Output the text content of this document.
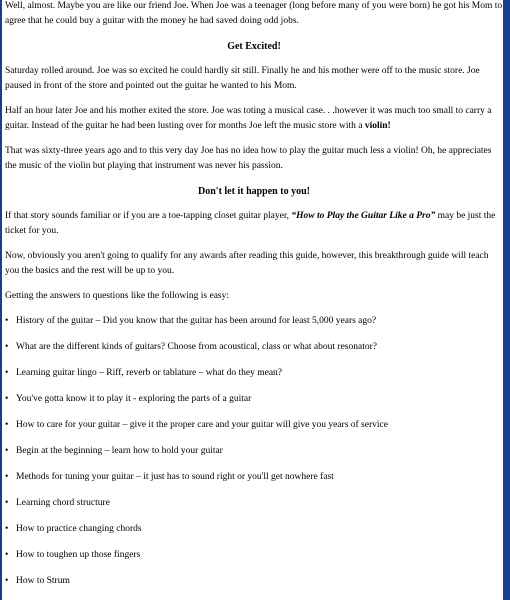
Well, almost. Maybe you are like our friend Joe. When Joe was a teenager (long before many of you were born) he got his Mom to agree that he could buy a guitar with the money he had saved doing odd jobs.

Get Excited!

Saturday rolled around. Joe was so excited he could hardly sit still. Finally he and his mother were off to the music store. Joe paused in front of the store and pointed out the guitar he wanted to his Mom.

Half an hour later Joe and his mother exited the store. Joe was toting a musical case. . .however it was much too small to carry a guitar. Instead of the guitar he had been lusting over for months Joe left the music store with a violin!

That was sixty-three years ago and to this very day Joe has no idea how to play the guitar much less a violin! Oh, he appreciates the music of the violin but playing that instrument was never his passion.

Don't let it happen to you!

If that story sounds familiar or if you are a toe-tapping closet guitar player, “How to Play the Guitar Like a Pro” may be just the ticket for you.

Now, obviously you aren't going to qualify for any awards after reading this guide, however, this breakthrough guide will teach you the basics and the rest will be up to you.

Getting the answers to questions like the following is easy:

• History of the guitar – Did you know that the guitar has been around for least 5,000 years ago?
• What are the different kinds of guitars? Choose from acoustical, class or what about resonator?
• Learning guitar lingo – Riff, reverb or tablature – what do they mean?
• You've gotta know it to play it - exploring the parts of a guitar
• How to care for your guitar – give it the proper care and your guitar will give you years of service
• Begin at the beginning – learn how to hold your guitar
• Methods for tuning your guitar – it just has to sound right or you'll get nowhere fast
• Learning chord structure
• How to practice changing chords
• How to toughen up those fingers
• How to Strum
